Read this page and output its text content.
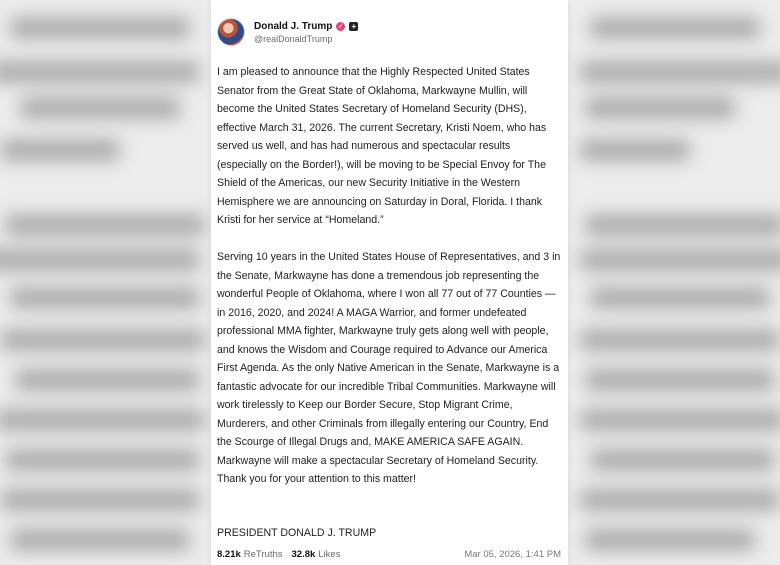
Donald J. Trump ✓ +
@realDonaldTrump

I am pleased to announce that the Highly Respected United States Senator from the Great State of Oklahoma, Markwayne Mullin, will become the United States Secretary of Homeland Security (DHS), effective March 31, 2026. The current Secretary, Kristi Noem, who has served us well, and has had numerous and spectacular results (especially on the Border!), will be moving to be Special Envoy for The Shield of the Americas, our new Security Initiative in the Western Hemisphere we are announcing on Saturday in Doral, Florida. I thank Kristi for her service at “Homeland.”

Serving 10 years in the United States House of Representatives, and 3 in the Senate, Markwayne has done a tremendous job representing the wonderful People of Oklahoma, where I won all 77 out of 77 Counties — in 2016, 2020, and 2024! A MAGA Warrior, and former undefeated professional MMA fighter, Markwayne truly gets along well with people, and knows the Wisdom and Courage required to Advance our America First Agenda. As the only Native American in the Senate, Markwayne is a fantastic advocate for our incredible Tribal Communities. Markwayne will work tirelessly to Keep our Border Secure, Stop Migrant Crime, Murderers, and other Criminals from illegally entering our Country, End the Scourge of Illegal Drugs and, MAKE AMERICA SAFE AGAIN. Markwayne will make a spectacular Secretary of Homeland Security. Thank you for your attention to this matter!

PRESIDENT DONALD J. TRUMP
8.21k ReTruths 32.8k Likes	Mar 05, 2026, 1:41 PM
